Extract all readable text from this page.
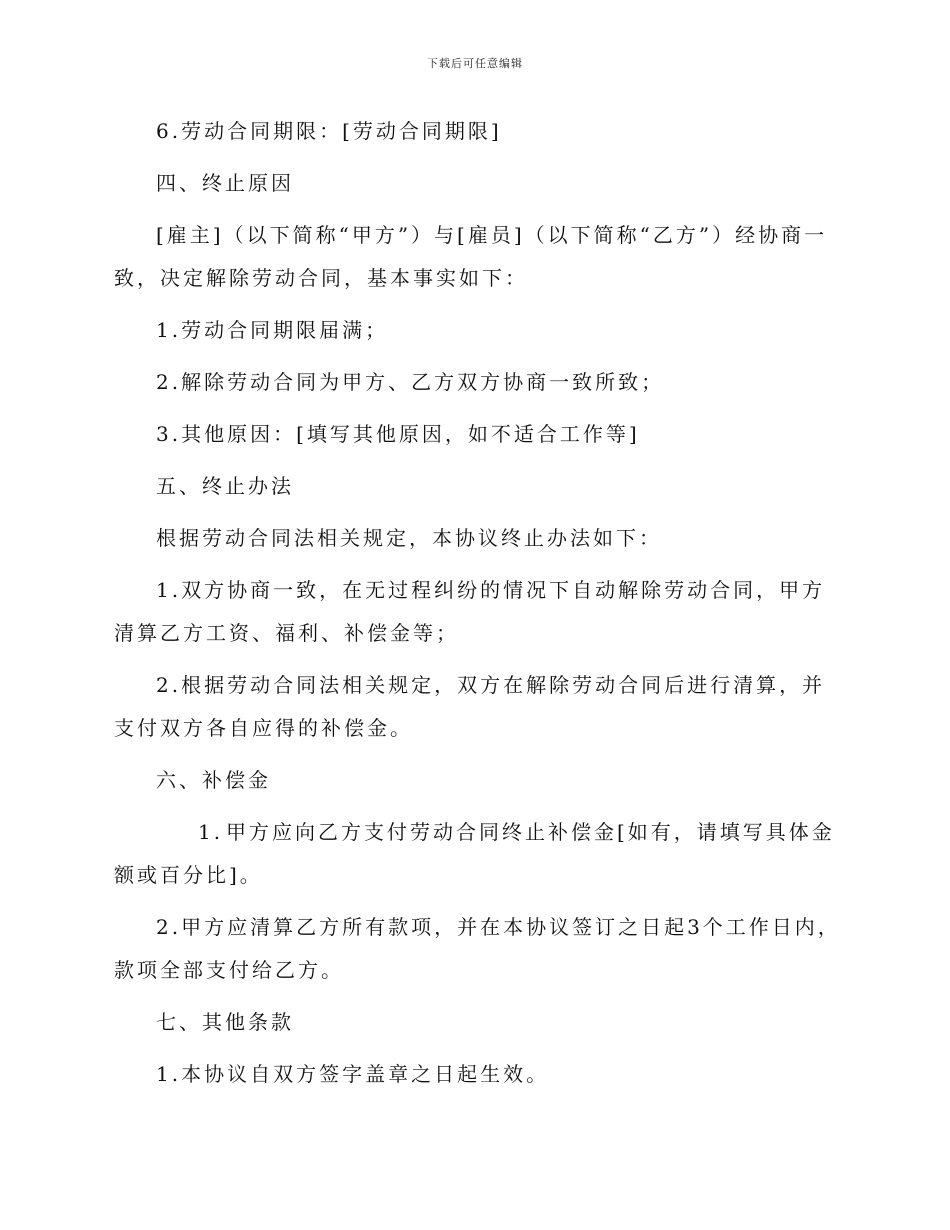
下载后可任意编辑

6.劳动合同期限：[劳动合同期限]

四、终止原因

[雇主]（以下简称“甲方”）与[雇员]（以下简称“乙方”）经协商一致，决定解除劳动合同，基本事实如下：

1.劳动合同期限届满；

2.解除劳动合同为甲方、乙方双方协商一致所致；

3.其他原因：[填写其他原因，如不适合工作等]

五、终止办法

根据劳动合同法相关规定，本协议终止办法如下：

1.双方协商一致，在无过程纠纷的情况下自动解除劳动合同，甲方清算乙方工资、福利、补偿金等；

2.根据劳动合同法相关规定，双方在解除劳动合同后进行清算，并支付双方各自应得的补偿金。

六、补偿金

1. 甲方应向乙方支付劳动合同终止补偿金[如有，请填写具体金额或百分比]。

2.甲方应清算乙方所有款项，并在本协议签订之日起3个工作日内，款项全部支付给乙方。

七、其他条款

1.本协议自双方签字盖章之日起生效。
